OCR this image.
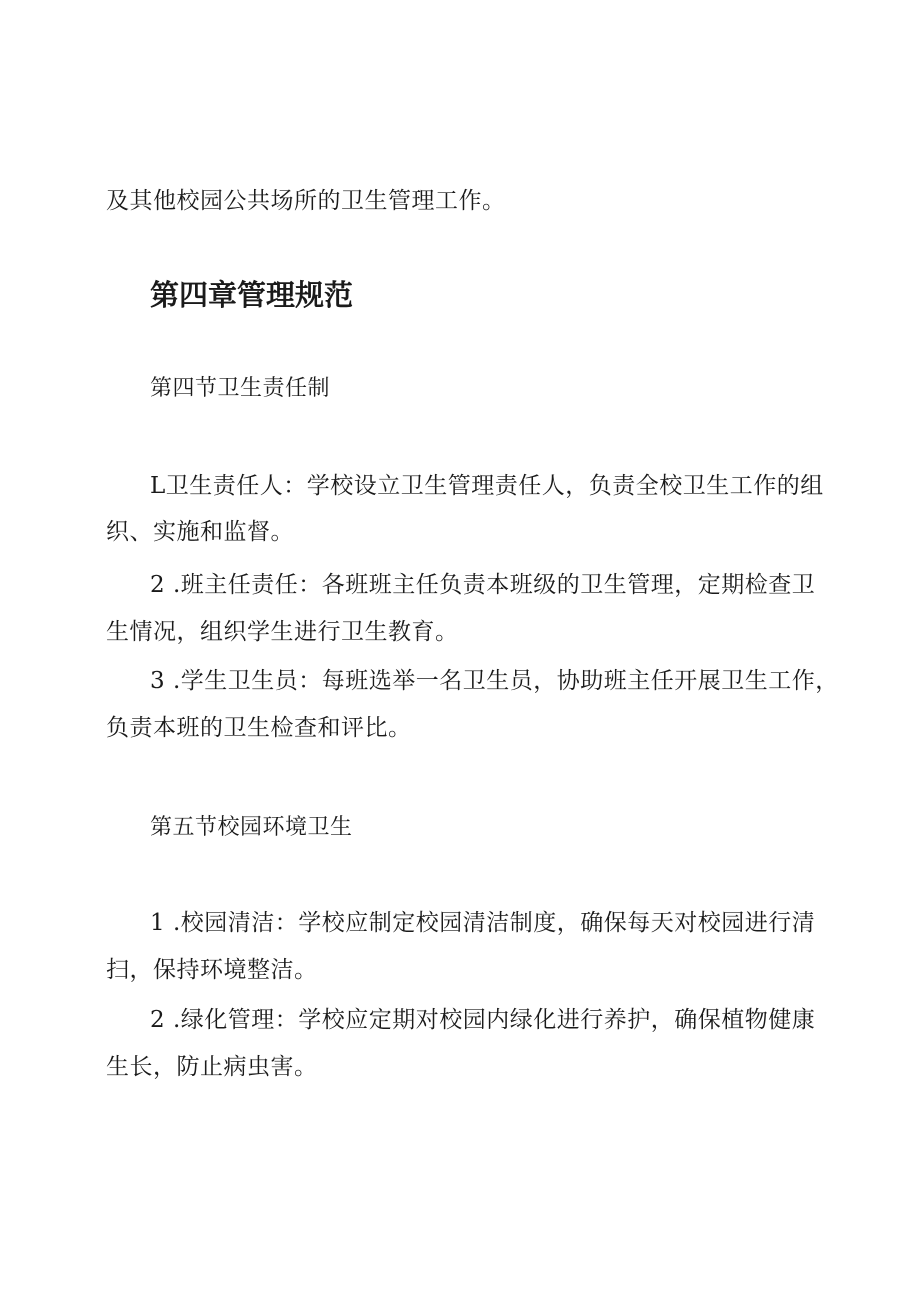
及其他校园公共场所的卫生管理工作。

第四章管理规范
第四节卫生责任制

L卫生责任人：学校设立卫生管理责任人，负责全校卫生工作的组

织、实施和监督。

2 .班主任责任：各班班主任负责本班级的卫生管理，定期检查卫

生情况，组织学生进行卫生教育。

3 .学生卫生员：每班选举一名卫生员，协助班主任开展卫生工作，

负责本班的卫生检查和评比。

第五节校园环境卫生

1 .校园清洁：学校应制定校园清洁制度，确保每天对校园进行清

扫，保持环境整洁。

2 .绿化管理：学校应定期对校园内绿化进行养护，确保植物健康

生长，防止病虫害。
